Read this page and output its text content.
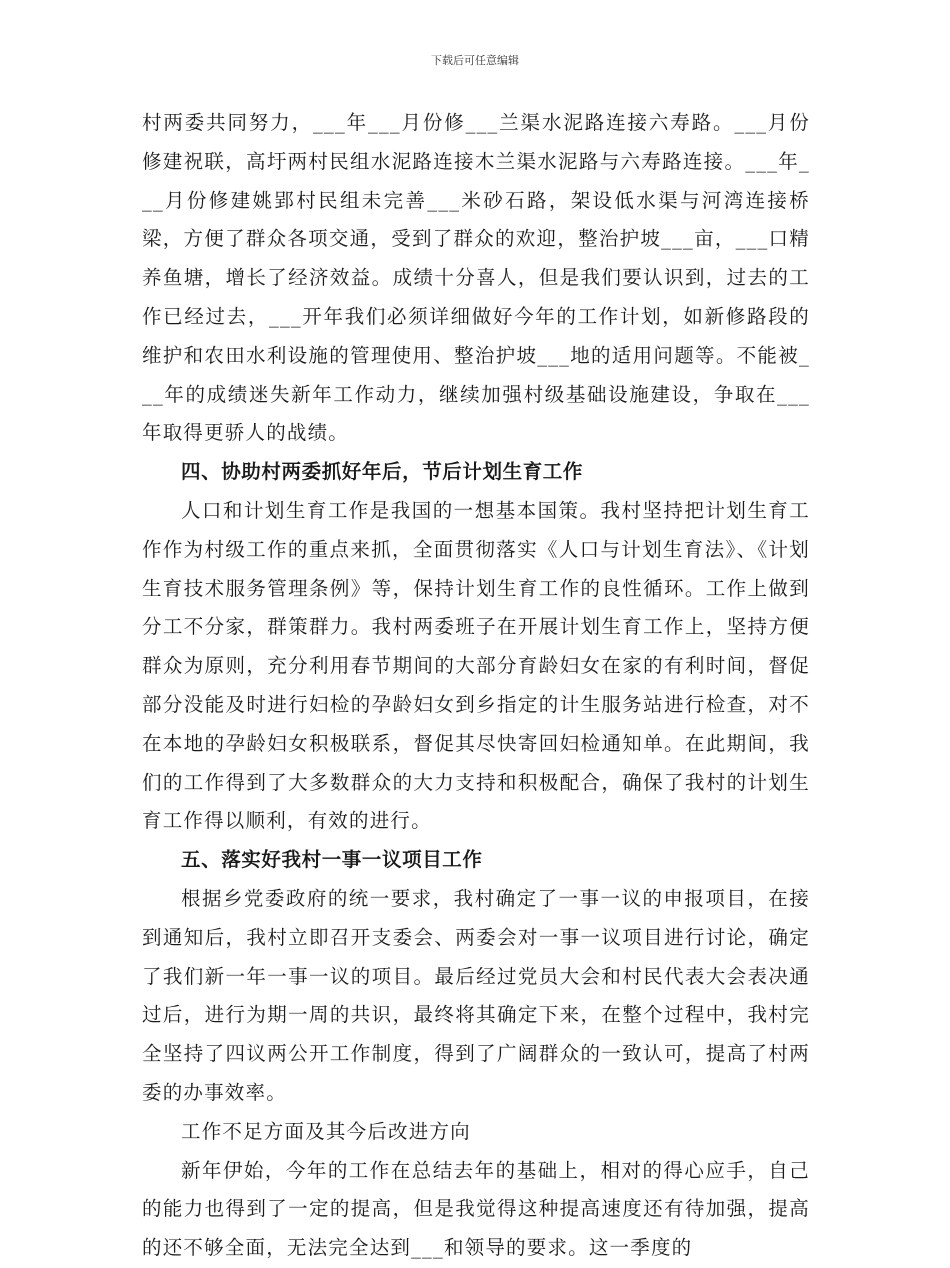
下载后可任意编辑

村两委共同努力，___年___月份修___兰渠水泥路连接六寿路。___月份修建祝联，高圩两村民组水泥路连接木兰渠水泥路与六寿路连接。___年___月份修建姚郢村民组未完善___米砂石路，架设低水渠与河湾连接桥梁，方便了群众各项交通，受到了群众的欢迎，整治护坡___亩，___口精养鱼塘，增长了经济效益。成绩十分喜人，但是我们要认识到，过去的工作已经过去，___开年我们必须详细做好今年的工作计划，如新修路段的维护和农田水利设施的管理使用、整治护坡___地的适用问题等。不能被___年的成绩迷失新年工作动力，继续加强村级基础设施建设，争取在___年取得更骄人的战绩。

四、协助村两委抓好年后，节后计划生育工作

人口和计划生育工作是我国的一想基本国策。我村坚持把计划生育工作作为村级工作的重点来抓，全面贯彻落实《人口与计划生育法》、《计划生育技术服务管理条例》等，保持计划生育工作的良性循环。工作上做到分工不分家，群策群力。我村两委班子在开展计划生育工作上，坚持方便群众为原则，充分利用春节期间的大部分育龄妇女在家的有利时间，督促部分没能及时进行妇检的孕龄妇女到乡指定的计生服务站进行检查，对不在本地的孕龄妇女积极联系，督促其尽快寄回妇检通知单。在此期间，我们的工作得到了大多数群众的大力支持和积极配合，确保了我村的计划生育工作得以顺利，有效的进行。

五、落实好我村一事一议项目工作

根据乡党委政府的统一要求，我村确定了一事一议的申报项目，在接到通知后，我村立即召开支委会、两委会对一事一议项目进行讨论，确定了我们新一年一事一议的项目。最后经过党员大会和村民代表大会表决通过后，进行为期一周的共识，最终将其确定下来，在整个过程中，我村完全坚持了四议两公开工作制度，得到了广阔群众的一致认可，提高了村两委的办事效率。

工作不足方面及其今后改进方向

新年伊始，今年的工作在总结去年的基础上，相对的得心应手，自己的能力也得到了一定的提高，但是我觉得这种提高速度还有待加强，提高的还不够全面，无法完全达到___和领导的要求。这一季度的
